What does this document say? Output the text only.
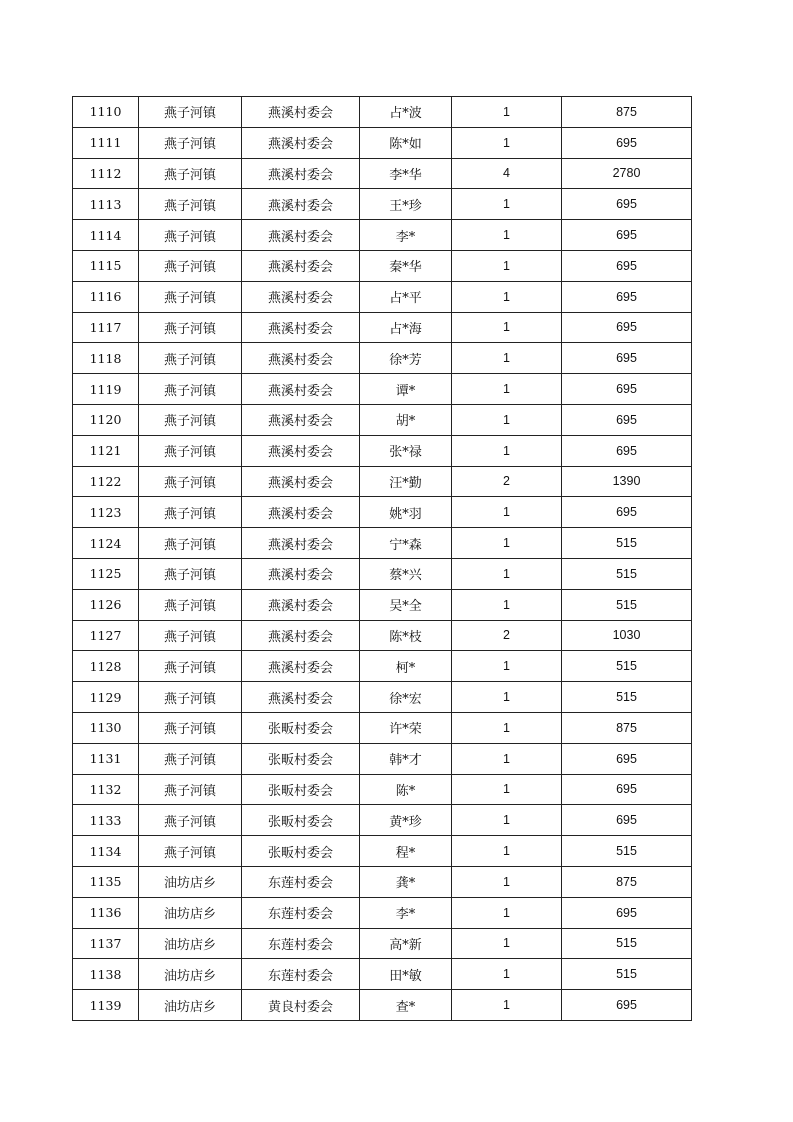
1110	燕子河镇	燕溪村委会	占*波	1	875
1111	燕子河镇	燕溪村委会	陈*如	1	695
1112	燕子河镇	燕溪村委会	李*华	4	2780
1113	燕子河镇	燕溪村委会	王*珍	1	695
1114	燕子河镇	燕溪村委会	李*	1	695
1115	燕子河镇	燕溪村委会	秦*华	1	695
1116	燕子河镇	燕溪村委会	占*平	1	695
1117	燕子河镇	燕溪村委会	占*海	1	695
1118	燕子河镇	燕溪村委会	徐*芳	1	695
1119	燕子河镇	燕溪村委会	谭*	1	695
1120	燕子河镇	燕溪村委会	胡*	1	695
1121	燕子河镇	燕溪村委会	张*禄	1	695
1122	燕子河镇	燕溪村委会	汪*勤	2	1390
1123	燕子河镇	燕溪村委会	姚*羽	1	695
1124	燕子河镇	燕溪村委会	宁*森	1	515
1125	燕子河镇	燕溪村委会	蔡*兴	1	515
1126	燕子河镇	燕溪村委会	吴*全	1	515
1127	燕子河镇	燕溪村委会	陈*枝	2	1030
1128	燕子河镇	燕溪村委会	柯*	1	515
1129	燕子河镇	燕溪村委会	徐*宏	1	515
1130	燕子河镇	张畈村委会	许*荣	1	875
1131	燕子河镇	张畈村委会	韩*才	1	695
1132	燕子河镇	张畈村委会	陈*	1	695
1133	燕子河镇	张畈村委会	黄*珍	1	695
1134	燕子河镇	张畈村委会	程*	1	515
1135	油坊店乡	东莲村委会	龚*	1	875
1136	油坊店乡	东莲村委会	李*	1	695
1137	油坊店乡	东莲村委会	高*新	1	515
1138	油坊店乡	东莲村委会	田*敏	1	515
1139	油坊店乡	黄良村委会	查*	1	695
